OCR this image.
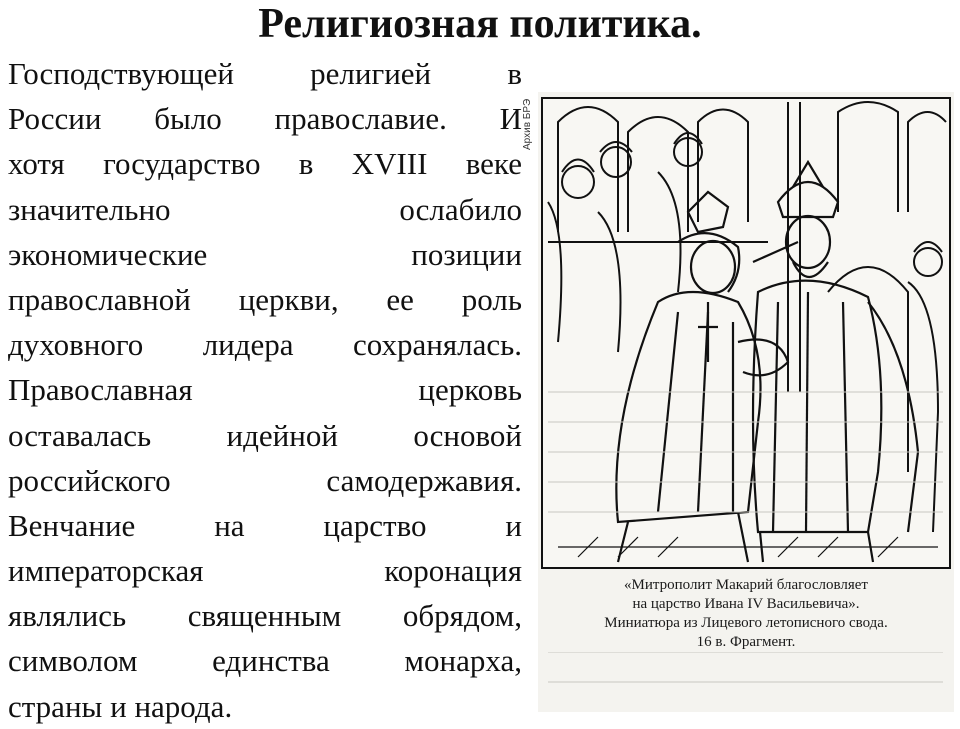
Религиозная политика.
Господствующей религией в
России было православие. И
хотя государство в XVIII веке
значительно ослабило
экономические позиции
православной церкви, ее роль
духовного лидера сохранялась.
Православная церковь
оставалась идейной основой
российского самодержавия.
Венчание на царство и
императорская коронация
являлись священным обрядом,
символом единства монарха,
страны и народа.
Архив БРЭ
«Митрополит Макарий благословляет
на царство Ивана IV Васильевича».
Миниатюра из Лицевого летописного свода.
16 в. Фрагмент.
